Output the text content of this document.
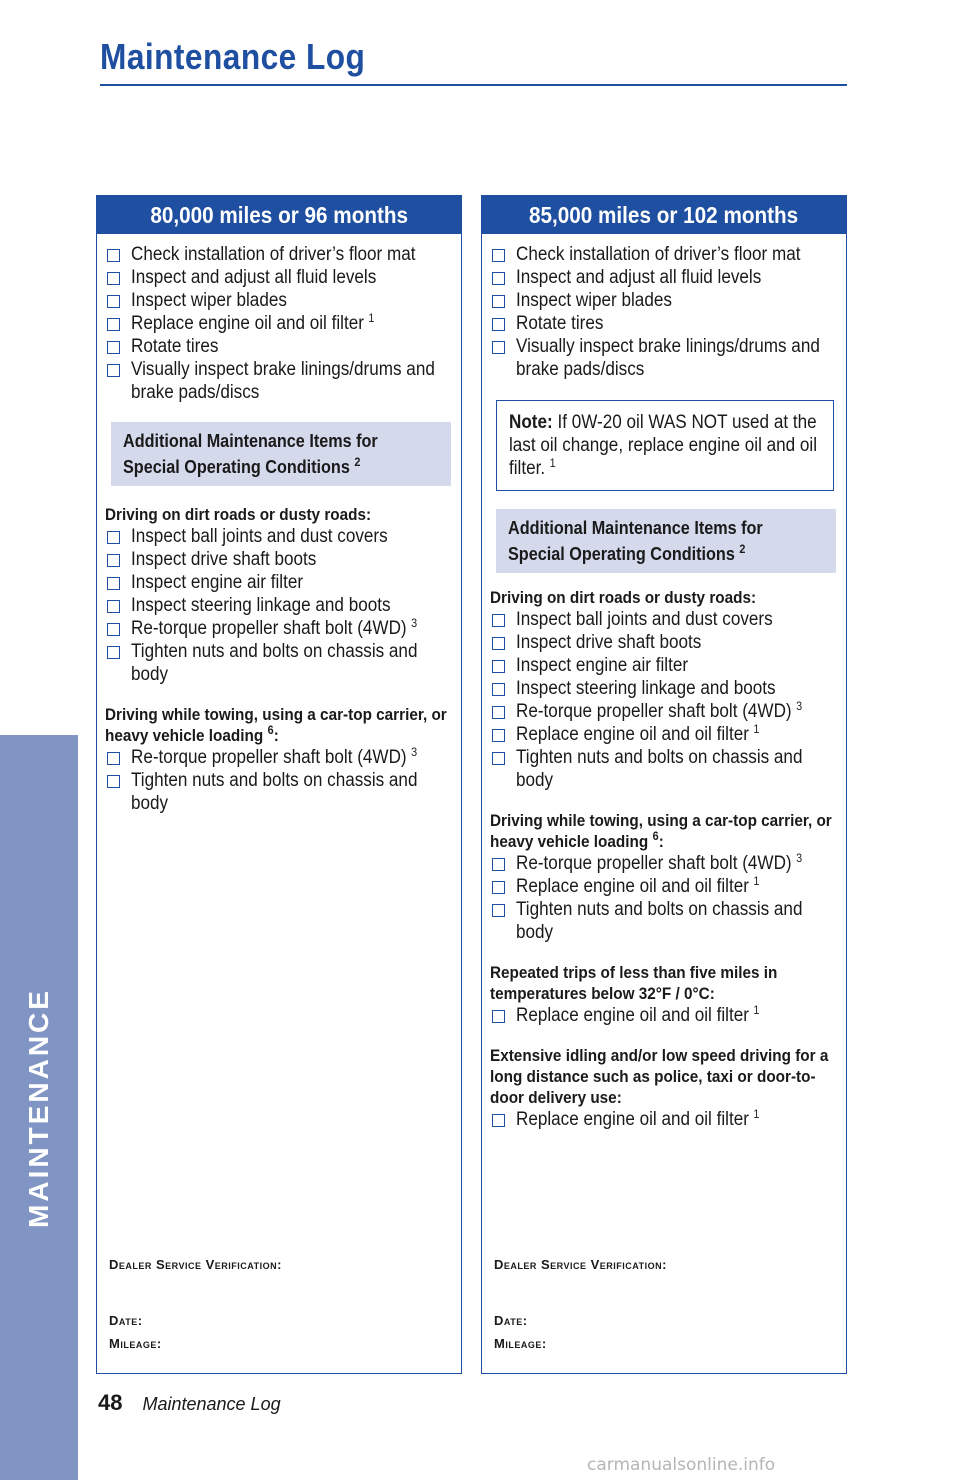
Maintenance Log
MAINTENANCE
80,000 miles or 96 months
Check installation of driver’s floor mat
Inspect and adjust all fluid levels
Inspect wiper blades
Replace engine oil and oil filter $^1$
Rotate tires
Visually inspect brake linings/drums and brake pads/discs
Additional Maintenance Items for
Special Operating Conditions $^2$
Driving on dirt roads or dusty roads:
Inspect ball joints and dust covers
Inspect drive shaft boots
Inspect engine air filter
Inspect steering linkage and boots
Re-torque propeller shaft bolt (4WD) $^3$
Tighten nuts and bolts on chassis and body
Driving while towing, using a car-top carrier, or heavy vehicle loading $^6$:
Re-torque propeller shaft bolt (4WD) $^3$
Tighten nuts and bolts on chassis and body
Dealer Service Verification:
Date:
Mileage:
85,000 miles or 102 months
Check installation of driver’s floor mat
Inspect and adjust all fluid levels
Inspect wiper blades
Rotate tires
Visually inspect brake linings/drums and brake pads/discs
Note: If 0W-20 oil WAS NOT used at the last oil change, replace engine oil and oil filter. $^1$
Additional Maintenance Items for
Special Operating Conditions $^2$
Driving on dirt roads or dusty roads:
Inspect ball joints and dust covers
Inspect drive shaft boots
Inspect engine air filter
Inspect steering linkage and boots
Re-torque propeller shaft bolt (4WD) $^3$
Replace engine oil and oil filter $^1$
Tighten nuts and bolts on chassis and body
Driving while towing, using a car-top carrier, or heavy vehicle loading $^6$:
Re-torque propeller shaft bolt (4WD) $^3$
Replace engine oil and oil filter $^1$
Tighten nuts and bolts on chassis and body
Repeated trips of less than five miles in temperatures below 32°F / 0°C:
Replace engine oil and oil filter $^1$
Extensive idling and/or low speed driving for a long distance such as police, taxi or door-to-door delivery use:
Replace engine oil and oil filter $^1$
Dealer Service Verification:
Date:
Mileage:
48 Maintenance Log
carmanualsonline.info
